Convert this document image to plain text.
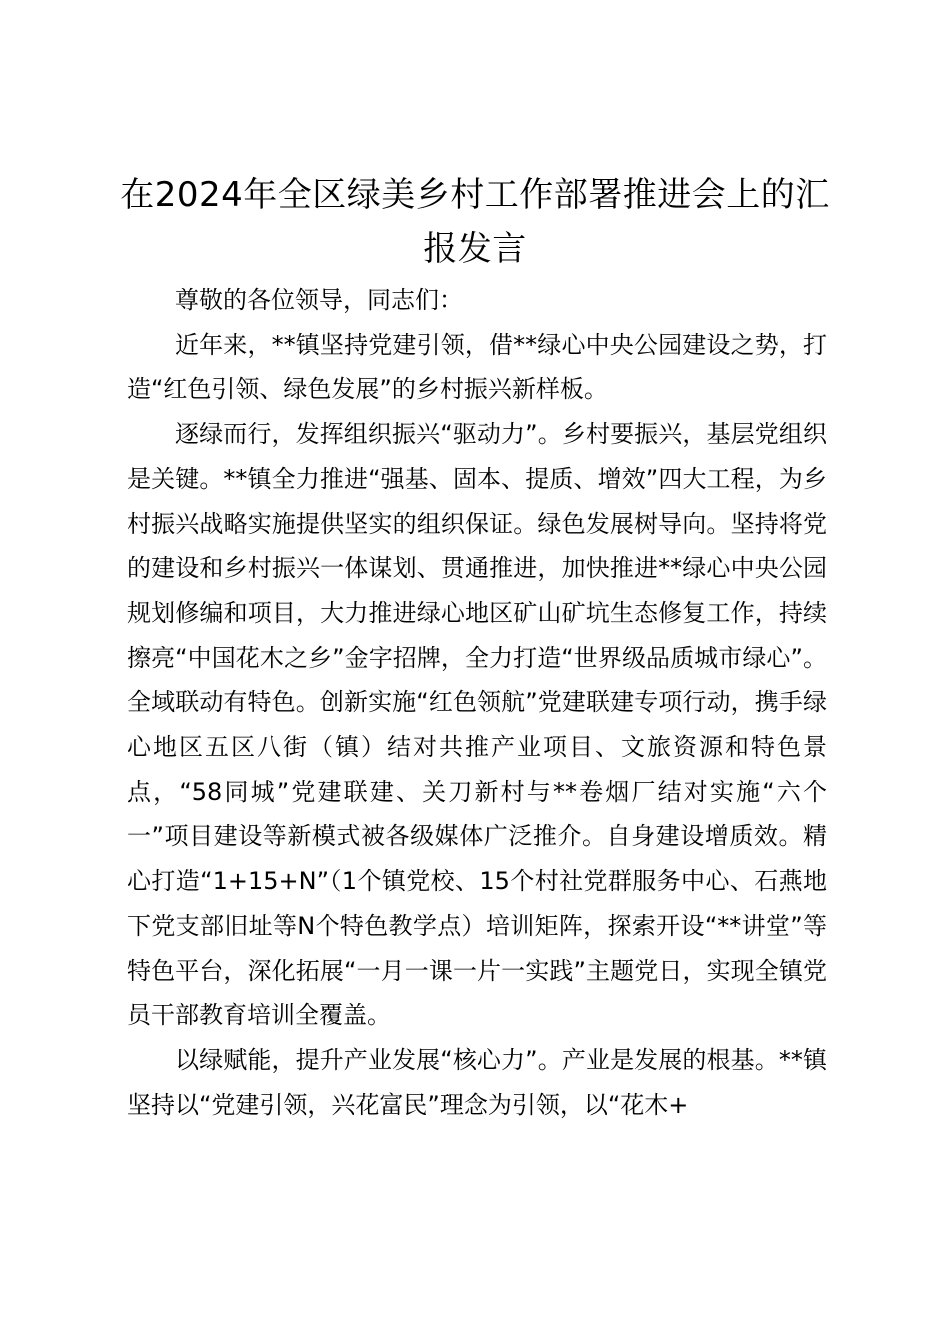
在2024年全区绿美乡村工作部署推进会上的汇报发言

尊敬的各位领导，同志们：

近年来，**镇坚持党建引领，借**绿心中央公园建设之势，打造“红色引领、绿色发展”的乡村振兴新样板。

逐绿而行，发挥组织振兴“驱动力”。乡村要振兴，基层党组织是关键。**镇全力推进“强基、固本、提质、增效”四大工程，为乡村振兴战略实施提供坚实的组织保证。绿色发展树导向。坚持将党的建设和乡村振兴一体谋划、贯通推进，加快推进**绿心中央公园规划修编和项目，大力推进绿心地区矿山矿坑生态修复工作，持续擦亮“中国花木之乡”金字招牌，全力打造“世界级品质城市绿心”。全域联动有特色。创新实施“红色领航”党建联建专项行动，携手绿心地区五区八街（镇）结对共推产业项目、文旅资源和特色景点，“58同城”党建联建、关刀新村与**卷烟厂结对实施“六个一”项目建设等新模式被各级媒体广泛推介。自身建设增质效。精心打造“1+15+N”（1个镇党校、15个村社党群服务中心、石燕地下党支部旧址等N个特色教学点）培训矩阵，探索开设“**讲堂”等特色平台，深化拓展“一月一课一片一实践”主题党日，实现全镇党员干部教育培训全覆盖。

以绿赋能，提升产业发展“核心力”。产业是发展的根基。**镇坚持以“党建引领，兴花富民”理念为引领，以“花木+
